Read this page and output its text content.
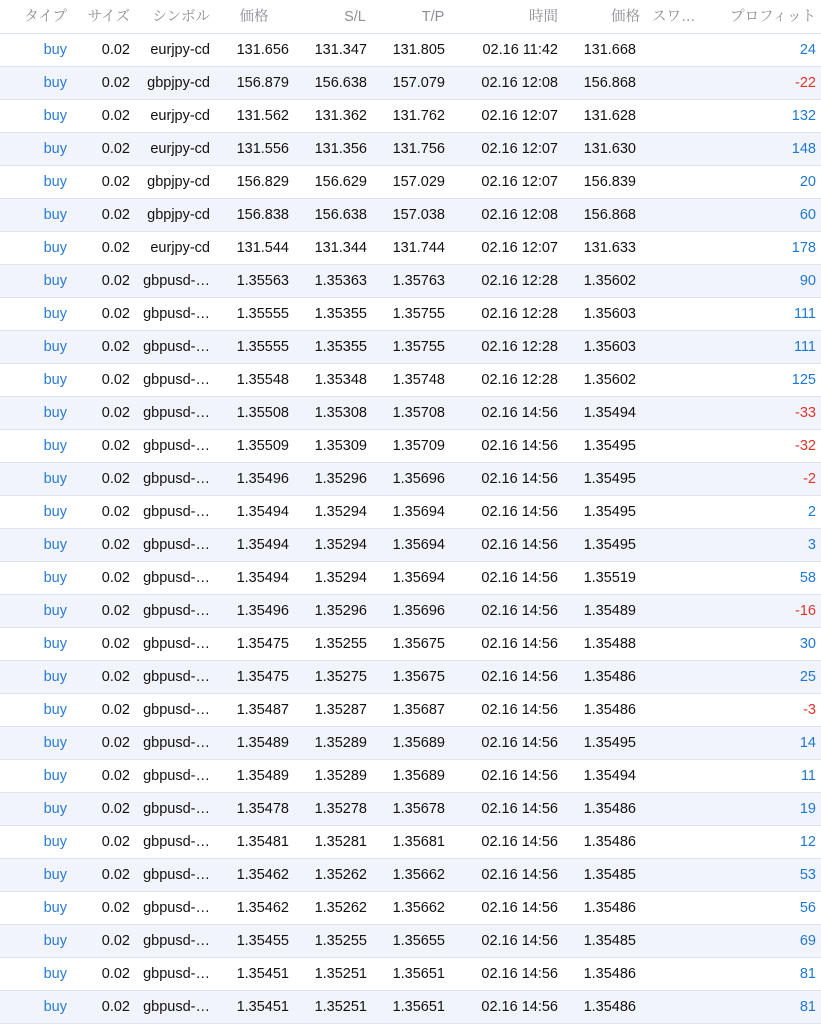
タイプ	サイズ	シンボル	価格	S/L	T/P	時間	価格 スワ…	プロフィット
buy	0.02	eurjpy-cd	131.656	131.347	131.805	02.16 11:42	131.668	24
buy	0.02	gbpjpy-cd	156.879	156.638	157.079	02.16 12:08	156.868	-22
buy	0.02	eurjpy-cd	131.562	131.362	131.762	02.16 12:07	131.628	132
buy	0.02	eurjpy-cd	131.556	131.356	131.756	02.16 12:07	131.630	148
buy	0.02	gbpjpy-cd	156.829	156.629	157.029	02.16 12:07	156.839	20
buy	0.02	gbpjpy-cd	156.838	156.638	157.038	02.16 12:08	156.868	60
buy	0.02	eurjpy-cd	131.544	131.344	131.744	02.16 12:07	131.633	178
buy	0.02 gbpusd-…	1.35563	1.35363	1.35763	02.16 12:28	1.35602	90
buy	0.02 gbpusd-…	1.35555	1.35355	1.35755	02.16 12:28	1.35603	111
buy	0.02 gbpusd-…	1.35555	1.35355	1.35755	02.16 12:28	1.35603	111
buy	0.02 gbpusd-…	1.35548	1.35348	1.35748	02.16 12:28	1.35602	125
buy	0.02 gbpusd-…	1.35508	1.35308	1.35708	02.16 14:56	1.35494	-33
buy	0.02 gbpusd-…	1.35509	1.35309	1.35709	02.16 14:56	1.35495	-32
buy	0.02 gbpusd-…	1.35496	1.35296	1.35696	02.16 14:56	1.35495	-2
buy	0.02 gbpusd-…	1.35494	1.35294	1.35694	02.16 14:56	1.35495	2
buy	0.02 gbpusd-…	1.35494	1.35294	1.35694	02.16 14:56	1.35495	3
buy	0.02 gbpusd-…	1.35494	1.35294	1.35694	02.16 14:56	1.35519	58
buy	0.02 gbpusd-…	1.35496	1.35296	1.35696	02.16 14:56	1.35489	-16
buy	0.02 gbpusd-…	1.35475	1.35255	1.35675	02.16 14:56	1.35488	30
buy	0.02 gbpusd-…	1.35475	1.35275	1.35675	02.16 14:56	1.35486	25
buy	0.02 gbpusd-…	1.35487	1.35287	1.35687	02.16 14:56	1.35486	-3
buy	0.02 gbpusd-…	1.35489	1.35289	1.35689	02.16 14:56	1.35495	14
buy	0.02 gbpusd-…	1.35489	1.35289	1.35689	02.16 14:56	1.35494	11
buy	0.02 gbpusd-…	1.35478	1.35278	1.35678	02.16 14:56	1.35486	19
buy	0.02 gbpusd-…	1.35481	1.35281	1.35681	02.16 14:56	1.35486	12
buy	0.02 gbpusd-…	1.35462	1.35262	1.35662	02.16 14:56	1.35485	53
buy	0.02 gbpusd-…	1.35462	1.35262	1.35662	02.16 14:56	1.35486	56
buy	0.02 gbpusd-…	1.35455	1.35255	1.35655	02.16 14:56	1.35485	69
buy	0.02 gbpusd-…	1.35451	1.35251	1.35651	02.16 14:56	1.35486	81
buy	0.02 gbpusd-…	1.35451	1.35251	1.35651	02.16 14:56	1.35486	81
